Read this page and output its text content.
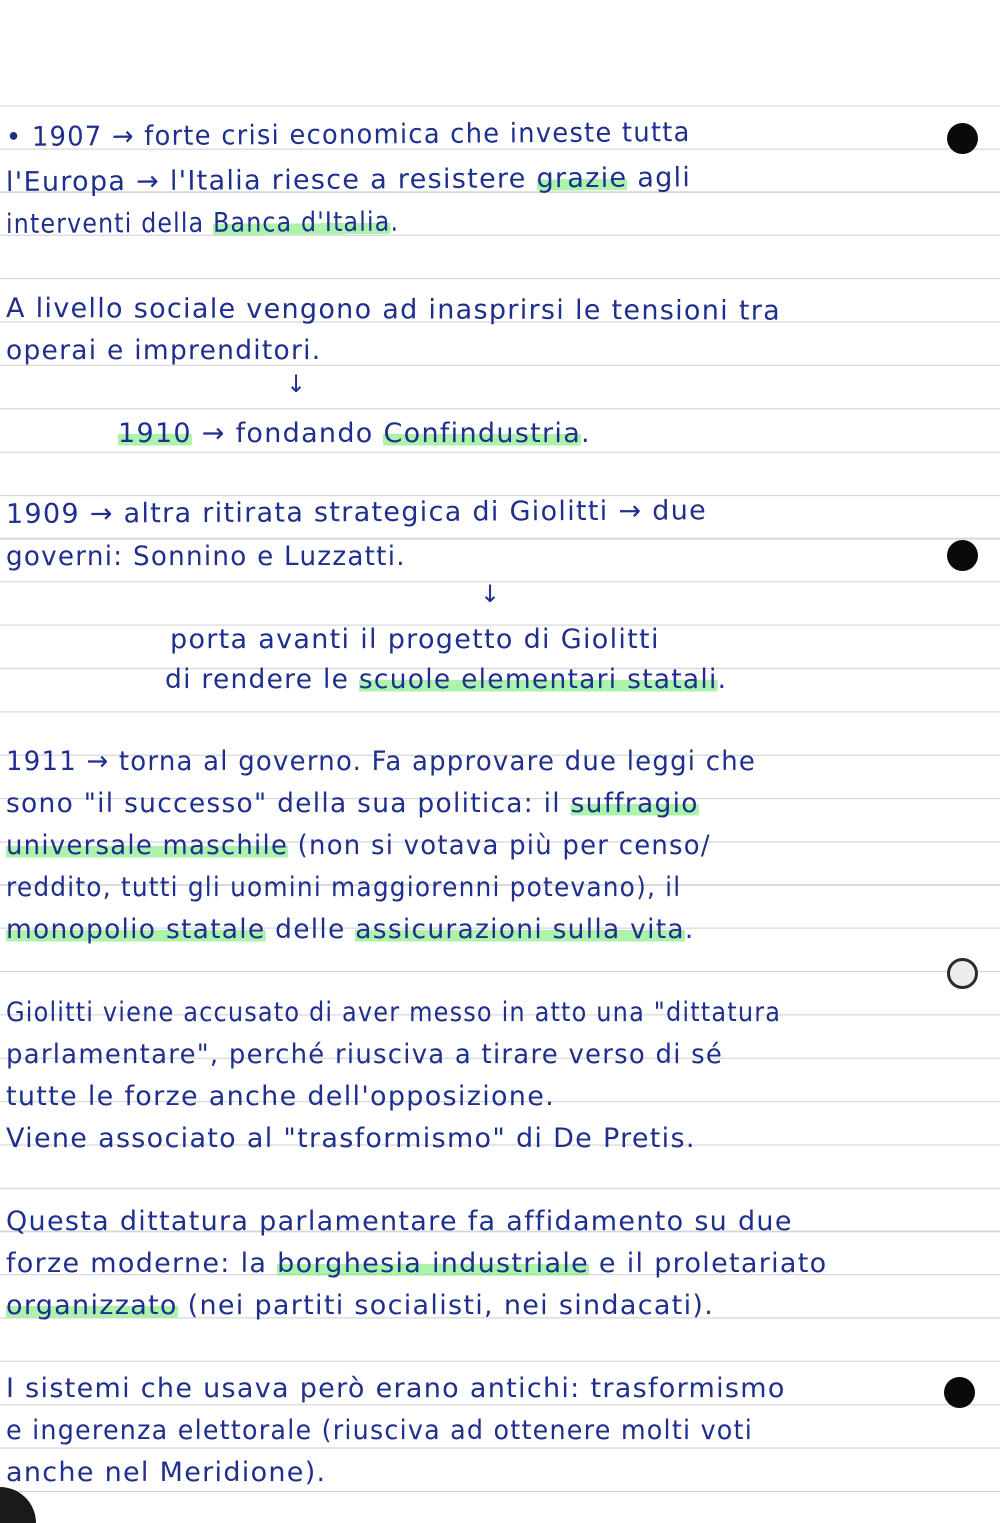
• 1907 → forte crisi economica che investe tutta
l'Europa → l'Italia riesce a resistere grazie agli
interventi della Banca d'Italia.
A livello sociale vengono ad inasprirsi le tensioni tra
operai e imprenditori.
↓
1910 → fondando Confindustria.
1909 → altra ritirata strategica di Giolitti → due
governi: Sonnino e Luzzatti.
↓
porta avanti il progetto di Giolitti
di rendere le scuole elementari statali.
1911 → torna al governo. Fa approvare due leggi che
sono "il successo" della sua politica: il suffragio
universale maschile (non si votava più per censo/
reddito, tutti gli uomini maggiorenni potevano), il
monopolio statale delle assicurazioni sulla vita.
Giolitti viene accusato di aver messo in atto una "dittatura
parlamentare", perché riusciva a tirare verso di sé
tutte le forze anche dell'opposizione.
Viene associato al "trasformismo" di De Pretis.
Questa dittatura parlamentare fa affidamento su due
forze moderne: la borghesia industriale e il proletariato
organizzato (nei partiti socialisti, nei sindacati).
I sistemi che usava però erano antichi: trasformismo
e ingerenza elettorale (riusciva ad ottenere molti voti
anche nel Meridione).
